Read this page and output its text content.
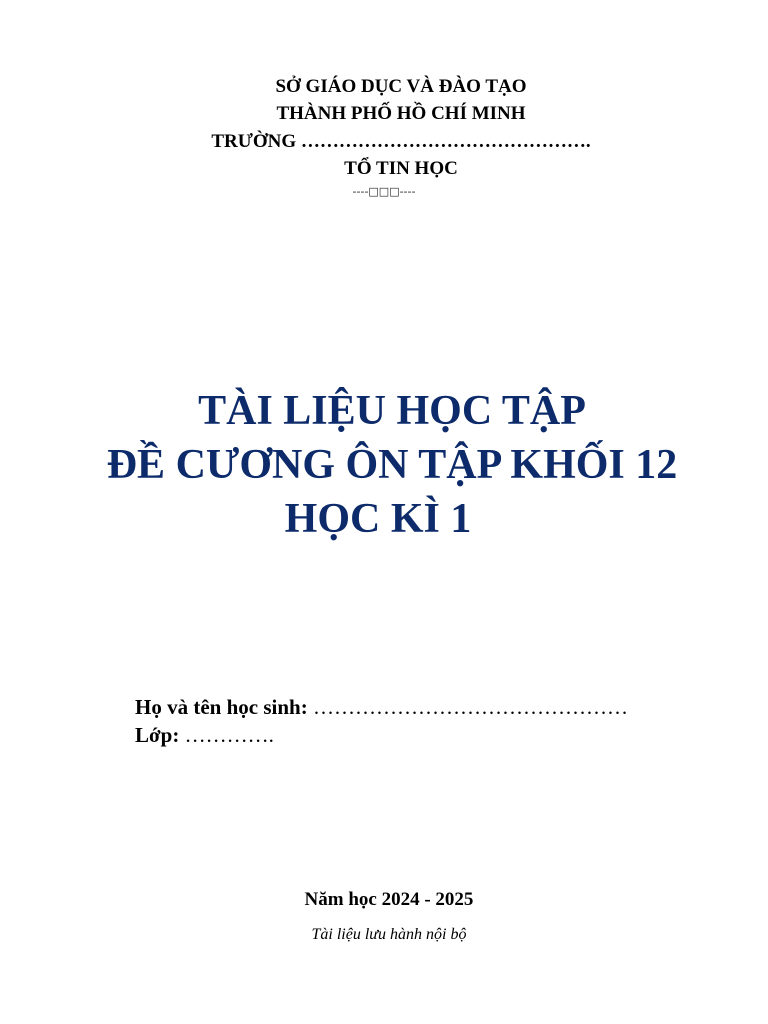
SỞ GIÁO DỤC VÀ ĐÀO TẠO
THÀNH PHỐ HỒ CHÍ MINH
TRƯỜNG ……………………………………….
TỔ TIN HỌC
----□□□----
TÀI LIỆU HỌC TẬP
ĐỀ CƯƠNG ÔN TẬP KHỐI 12
HỌC KÌ 1
Họ và tên học sinh: ………………………………………
Lớp: ………….
Năm học 2024 - 2025
Tài liệu lưu hành nội bộ
